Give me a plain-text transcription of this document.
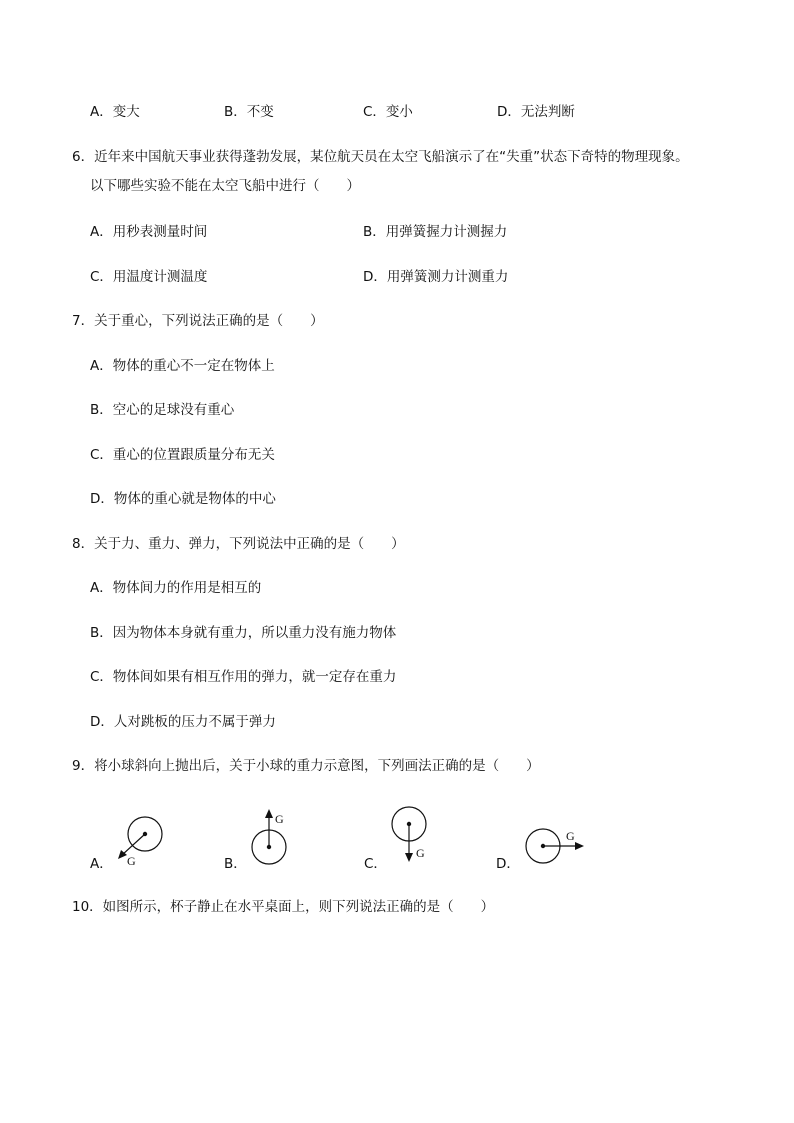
A．变大	B．不变	C．变小	D．无法判断
6．近年来中国航天事业获得蓬勃发展，某位航天员在太空飞船演示了在“失重”状态下奇特的物理现象。
以下哪些实验不能在太空飞船中进行（　　）
A．用秒表测量时间	B．用弹簧握力计测握力
C．用温度计测温度	D．用弹簧测力计测重力
7．关于重心，下列说法正确的是（　　）
A．物体的重心不一定在物体上
B．空心的足球没有重心
C．重心的位置跟质量分布无关
D．物体的重心就是物体的中心
8．关于力、重力、弹力，下列说法中正确的是（　　）
A．物体间力的作用是相互的
B．因为物体本身就有重力，所以重力没有施力物体
C．物体间如果有相互作用的弹力，就一定存在重力
D．人对跳板的压力不属于弹力
9．将小球斜向上抛出后，关于小球的重力示意图，下列画法正确的是（　　）
A．	B．	C．	D．
G
G
G
G
10．如图所示，杯子静止在水平桌面上，则下列说法正确的是（　　）
